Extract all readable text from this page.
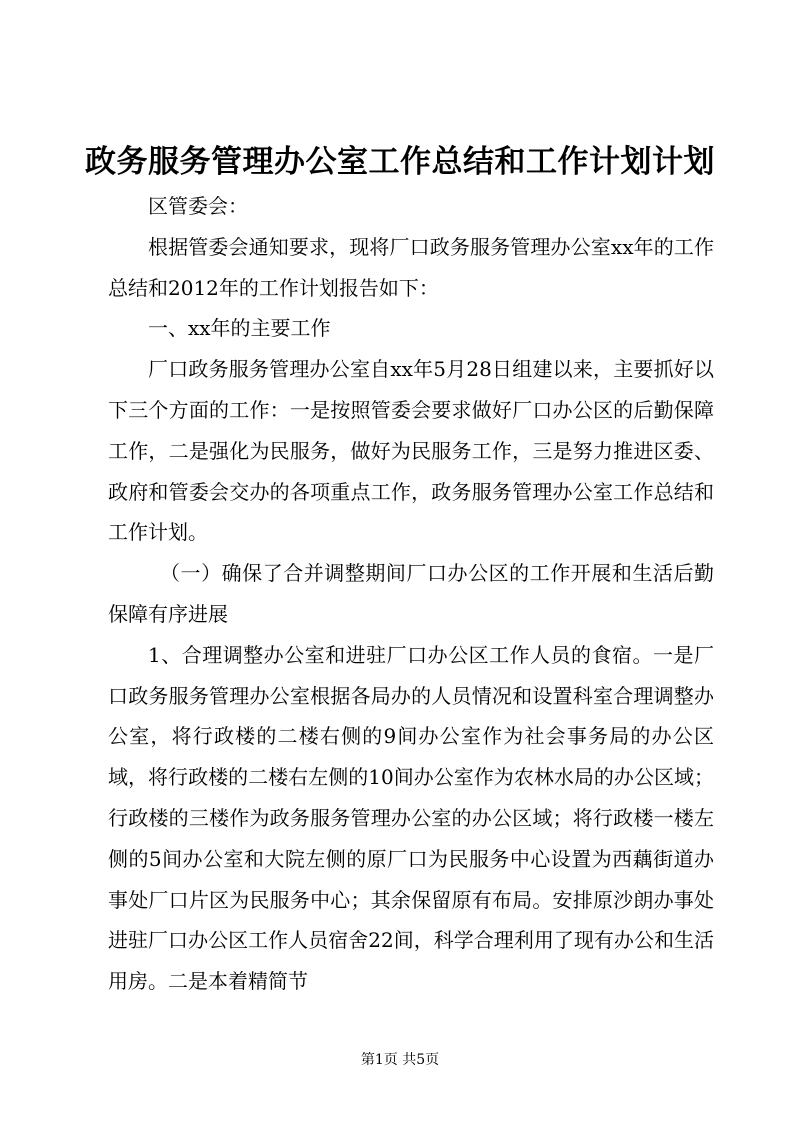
政务服务管理办公室工作总结和工作计划计划

区管委会：

根据管委会通知要求，现将厂口政务服务管理办公室xx年的工作总结和2012年的工作计划报告如下：

一、xx年的主要工作

厂口政务服务管理办公室自xx年5月28日组建以来，主要抓好以下三个方面的工作：一是按照管委会要求做好厂口办公区的后勤保障工作，二是强化为民服务，做好为民服务工作，三是努力推进区委、政府和管委会交办的各项重点工作，政务服务管理办公室工作总结和工作计划。

（一）确保了合并调整期间厂口办公区的工作开展和生活后勤保障有序进展

1、合理调整办公室和进驻厂口办公区工作人员的食宿。一是厂口政务服务管理办公室根据各局办的人员情况和设置科室合理调整办公室，将行政楼的二楼右侧的9间办公室作为社会事务局的办公区域，将行政楼的二楼右左侧的10间办公室作为农林水局的办公区域；行政楼的三楼作为政务服务管理办公室的办公区域；将行政楼一楼左侧的5间办公室和大院左侧的原厂口为民服务中心设置为西藕街道办事处厂口片区为民服务中心；其余保留原有布局。安排原沙朗办事处进驻厂口办公区工作人员宿舍22间，科学合理利用了现有办公和生活用房。二是本着精简节

第1页 共5页
